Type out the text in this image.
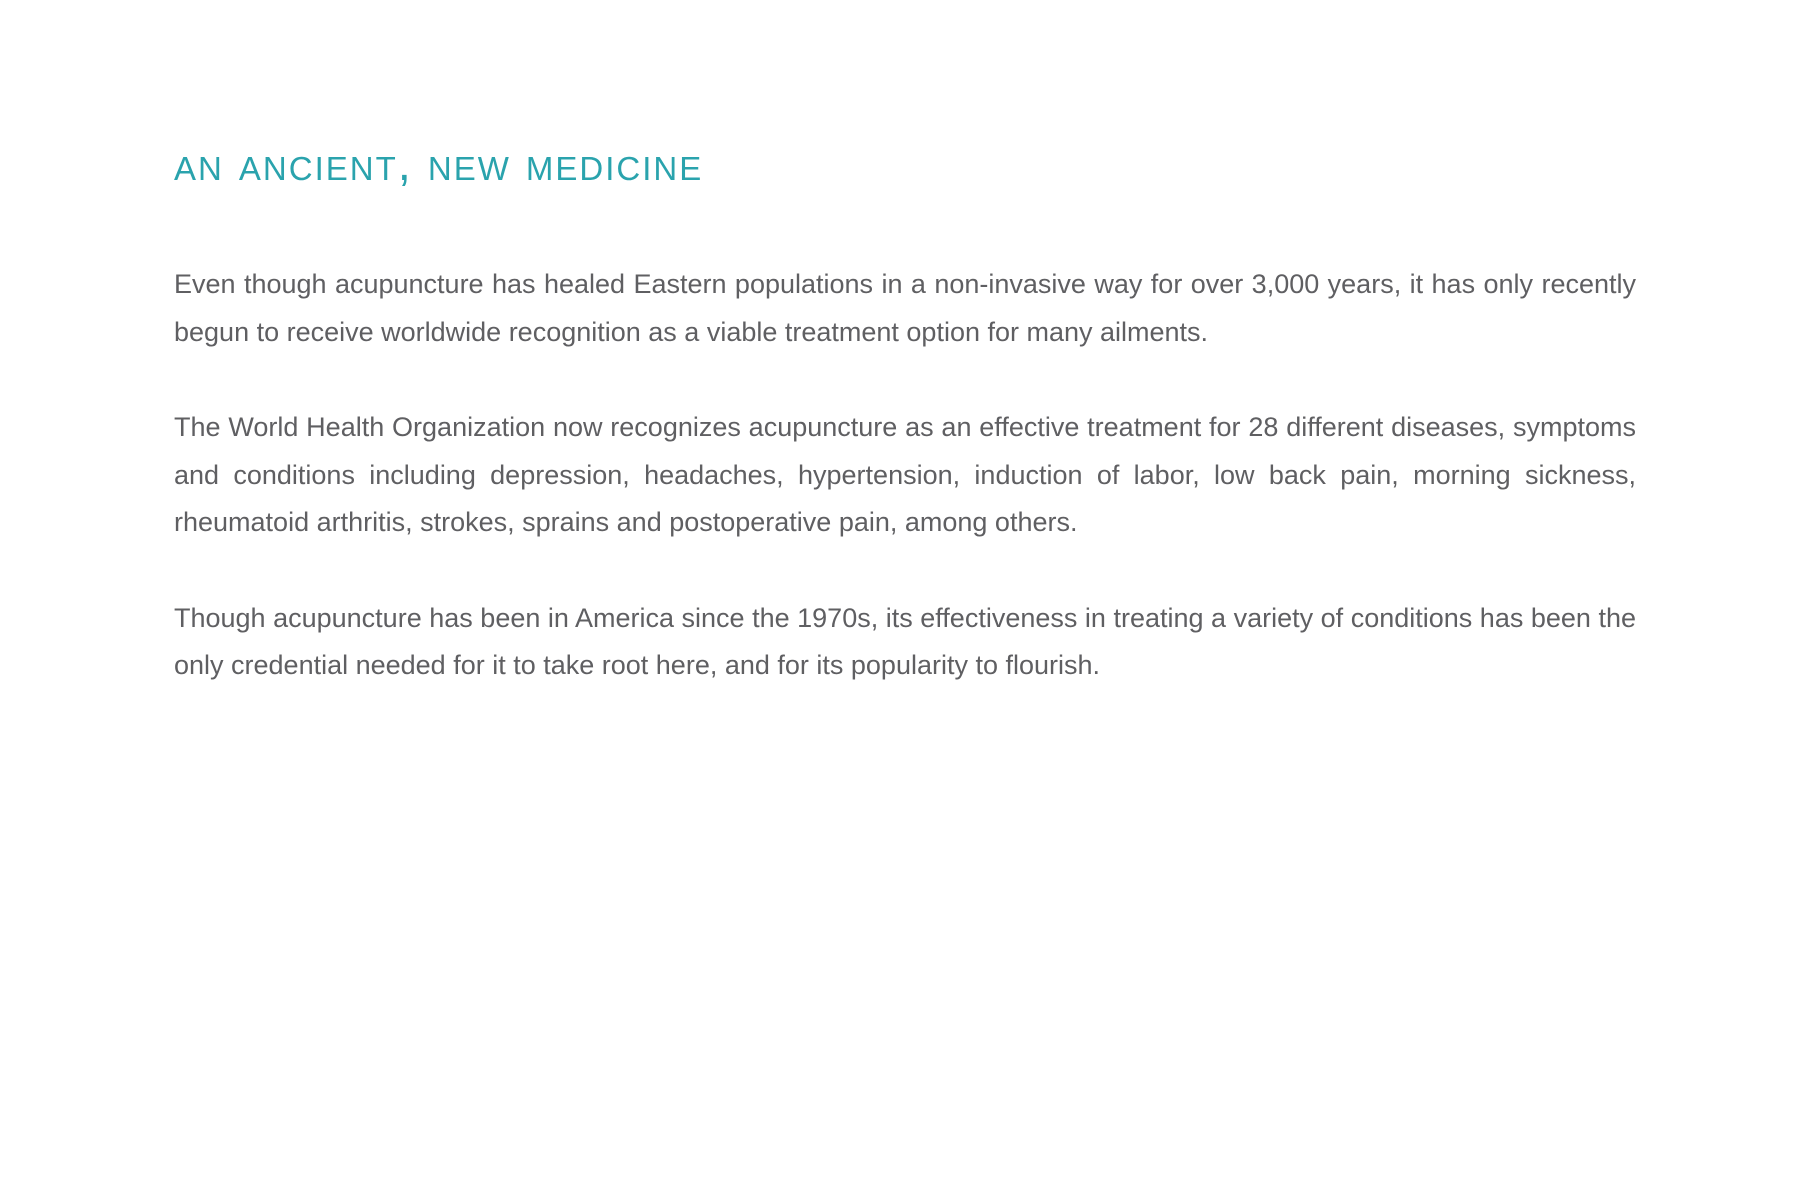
an ancient, new medicine

Even though acupuncture has healed Eastern populations in a non-invasive way for over 3,000 years, it has only recently begun to receive worldwide recognition as a viable treatment option for many ailments.

The World Health Organization now recognizes acupuncture as an effective treatment for 28 different diseases, symptoms and conditions including depression, headaches, hypertension, induction of labor, low back pain, morning sickness, rheumatoid arthritis, strokes, sprains and postoperative pain, among others.

Though acupuncture has been in America since the 1970s, its effectiveness in treating a variety of conditions has been the only credential needed for it to take root here, and for its popularity to flourish.
